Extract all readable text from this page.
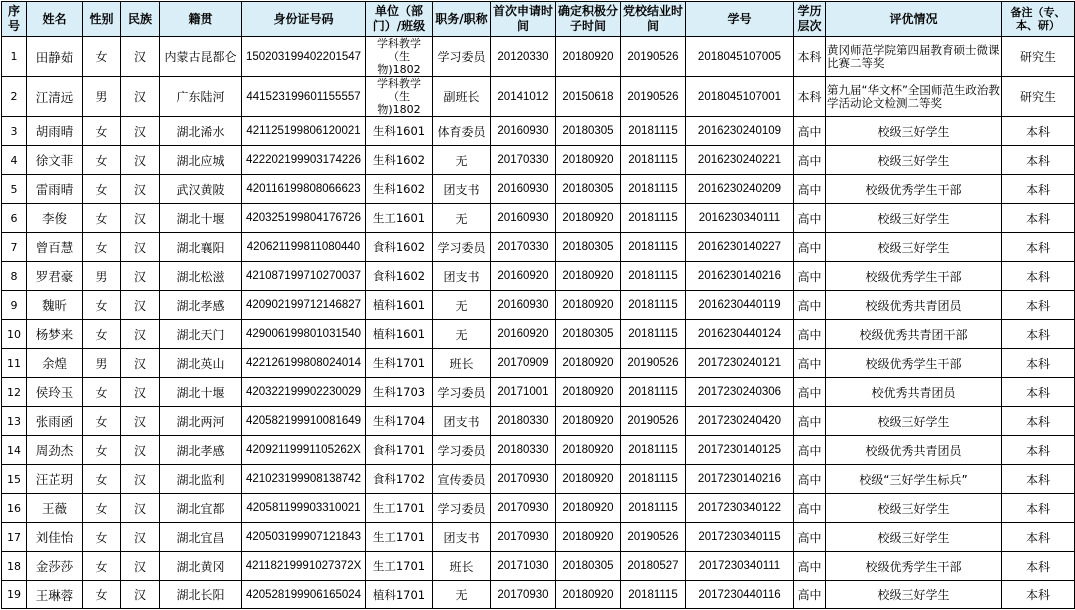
序号	姓名	性别	民族	籍贯	身份证号码	单位（部门）/班级	职务/职称	首次申请时间	确定积极分子时间	党校结业时间	学号	学历层次	评优情况	备注（专、本、研）
1	田静茹	女	汉	内蒙古昆都仑	150203199402201547	学科教学（生物)1802	学习委员	20120330	20180920	20190526	2018045107005	本科	黄冈师范学院第四届教育硕士微课比赛二等奖	研究生
2	江清远	男	汉	广东陆河	441523199601155557	学科教学（生物)1802	副班长	20141012	20150618	20190526	2018045107001	本科	第九届“华文杯”全国师范生政治教学活动论文检测二等奖	研究生
3	胡雨晴	女	汉	湖北浠水	421125199806120021	生科1601	体育委员	20160930	20180305	20181115	2016230240109	高中	校级三好学生	本科
4	徐文菲	女	汉	湖北应城	422202199903174226	生科1602	无	20170330	20180920	20181115	2016230240221	高中	校级三好学生	本科
5	雷雨晴	女	汉	武汉黄陂	420116199808066623	生科1602	团支书	20160930	20180305	20181115	2016230240209	高中	校级优秀学生干部	本科
6	李俊	女	汉	湖北十堰	420325199804176726	生工1601	无	20160930	20180920	20181115	2016230340111	高中	校级三好学生	本科
7	曾百慧	女	汉	湖北襄阳	420621199811080440	食科1602	学习委员	20170330	20180305	20181115	2016230140227	高中	校级三好学生	本科
8	罗君豪	男	汉	湖北松滋	421087199710270037	食科1602	团支书	20160920	20180920	20181115	2016230140216	高中	校级优秀学生干部	本科
9	魏昕	女	汉	湖北孝感	420902199712146827	植科1601	无	20160930	20180920	20181115	2016230440119	高中	校级优秀共青团员	本科
10	杨梦来	女	汉	湖北天门	429006199801031540	植科1601	无	20160920	20180305	20181115	2016230440124	高中	校级优秀共青团干部	本科
11	余煌	男	汉	湖北英山	422126199808024014	生科1701	班长	20170909	20180920	20190526	2017230240121	高中	校级优秀学生干部	本科
12	侯玲玉	女	汉	湖北十堰	420322199902230029	生科1703	学习委员	20171001	20180920	20181115	2017230240306	高中	校优秀共青团员	本科
13	张雨函	女	汉	湖北两河	420582199910081649	生科1704	团支书	20180330	20180920	20190526	2017230240420	高中	校级三好学生	本科
14	周劲杰	女	汉	湖北孝感	42092119991105262X	食科1701	学习委员	20180330	20180920	20181115	2017230140125	高中	校级优秀共青团员	本科
15	汪芷玥	女	汉	湖北监利	421023199908138742	食科1702	宣传委员	20170930	20180920	20181115	2017230140216	高中	校级“三好学生标兵”	本科
16	王薇	女	汉	湖北宜都	420581199903310021	生工1701	学习委员	20170930	20180920	20181115	2017230340122	高中	校级三好学生	本科
17	刘佳怡	女	汉	湖北宜昌	420503199907121843	生工1701	团支书	20170930	20180920	20190526	2017230340115	高中	校级三好学生	本科
18	金莎莎	女	汉	湖北黄冈	42118219991027372X	生工1701	班长	20171030	20180305	20180527	2017230340111	高中	校级优秀学生干部	本科
19	王琳蓉	女	汉	湖北长阳	420528199906165024	植科1701	无	20170930	20180920	20181115	2017230440116	高中	校级三好学生	本科
